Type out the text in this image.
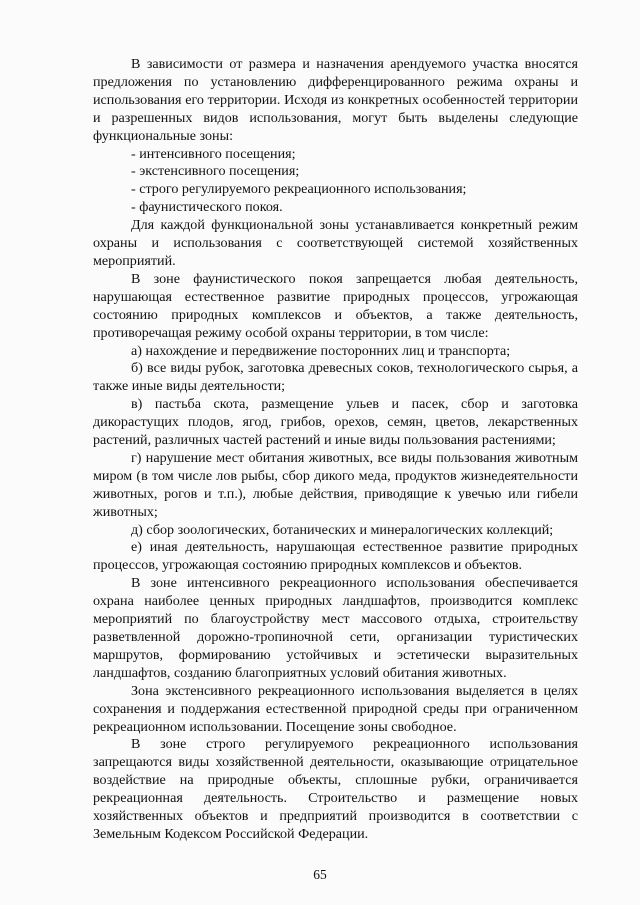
В зависимости от размера и назначения арендуемого участка вносятся предложения по установлению дифференцированного режима охраны и использования его территории. Исходя из конкретных особенностей территории и разрешенных видов использования, могут быть выделены следующие функциональные зоны:

- интенсивного посещения;

- экстенсивного посещения;

- строго регулируемого рекреационного использования;

- фаунистического покоя.

Для каждой функциональной зоны устанавливается конкретный режим охраны и использования с соответствующей системой хозяйственных мероприятий.

В зоне фаунистического покоя запрещается любая деятельность, нарушающая естественное развитие природных процессов, угрожающая состоянию природных комплексов и объектов, а также деятельность, противоречащая режиму особой охраны территории, в том числе:

а) нахождение и передвижение посторонних лиц и транспорта;

б) все виды рубок, заготовка древесных соков, технологического сырья, а также иные виды деятельности;

в) пастьба скота, размещение ульев и пасек, сбор и заготовка дикорастущих плодов, ягод, грибов, орехов, семян, цветов, лекарственных растений, различных частей растений и иные виды пользования растениями;

г) нарушение мест обитания животных, все виды пользования животным миром (в том числе лов рыбы, сбор дикого меда, продуктов жизнедеятельности животных, рогов и т.п.), любые действия, приводящие к увечью или гибели животных;

д) сбор зоологических, ботанических и минералогических коллекций;

е) иная деятельность, нарушающая естественное развитие природных процессов, угрожающая состоянию природных комплексов и объектов.

В зоне интенсивного рекреационного использования обеспечивается охрана наиболее ценных природных ландшафтов, производится комплекс мероприятий по благоустройству мест массового отдыха, строительству разветвленной дорожно-тропиночной сети, организации туристических маршрутов, формированию устойчивых и эстетически выразительных ландшафтов, созданию благоприятных условий обитания животных.

Зона экстенсивного рекреационного использования выделяется в целях сохранения и поддержания естественной природной среды при ограниченном рекреационном использовании. Посещение зоны свободное.

В зоне строго регулируемого рекреационного использования запрещаются виды хозяйственной деятельности, оказывающие отрицательное воздействие на природные объекты, сплошные рубки, ограничивается рекреационная деятельность. Строительство и размещение новых хозяйственных объектов и предприятий производится в соответствии с Земельным Кодексом Российской Федерации.

65
